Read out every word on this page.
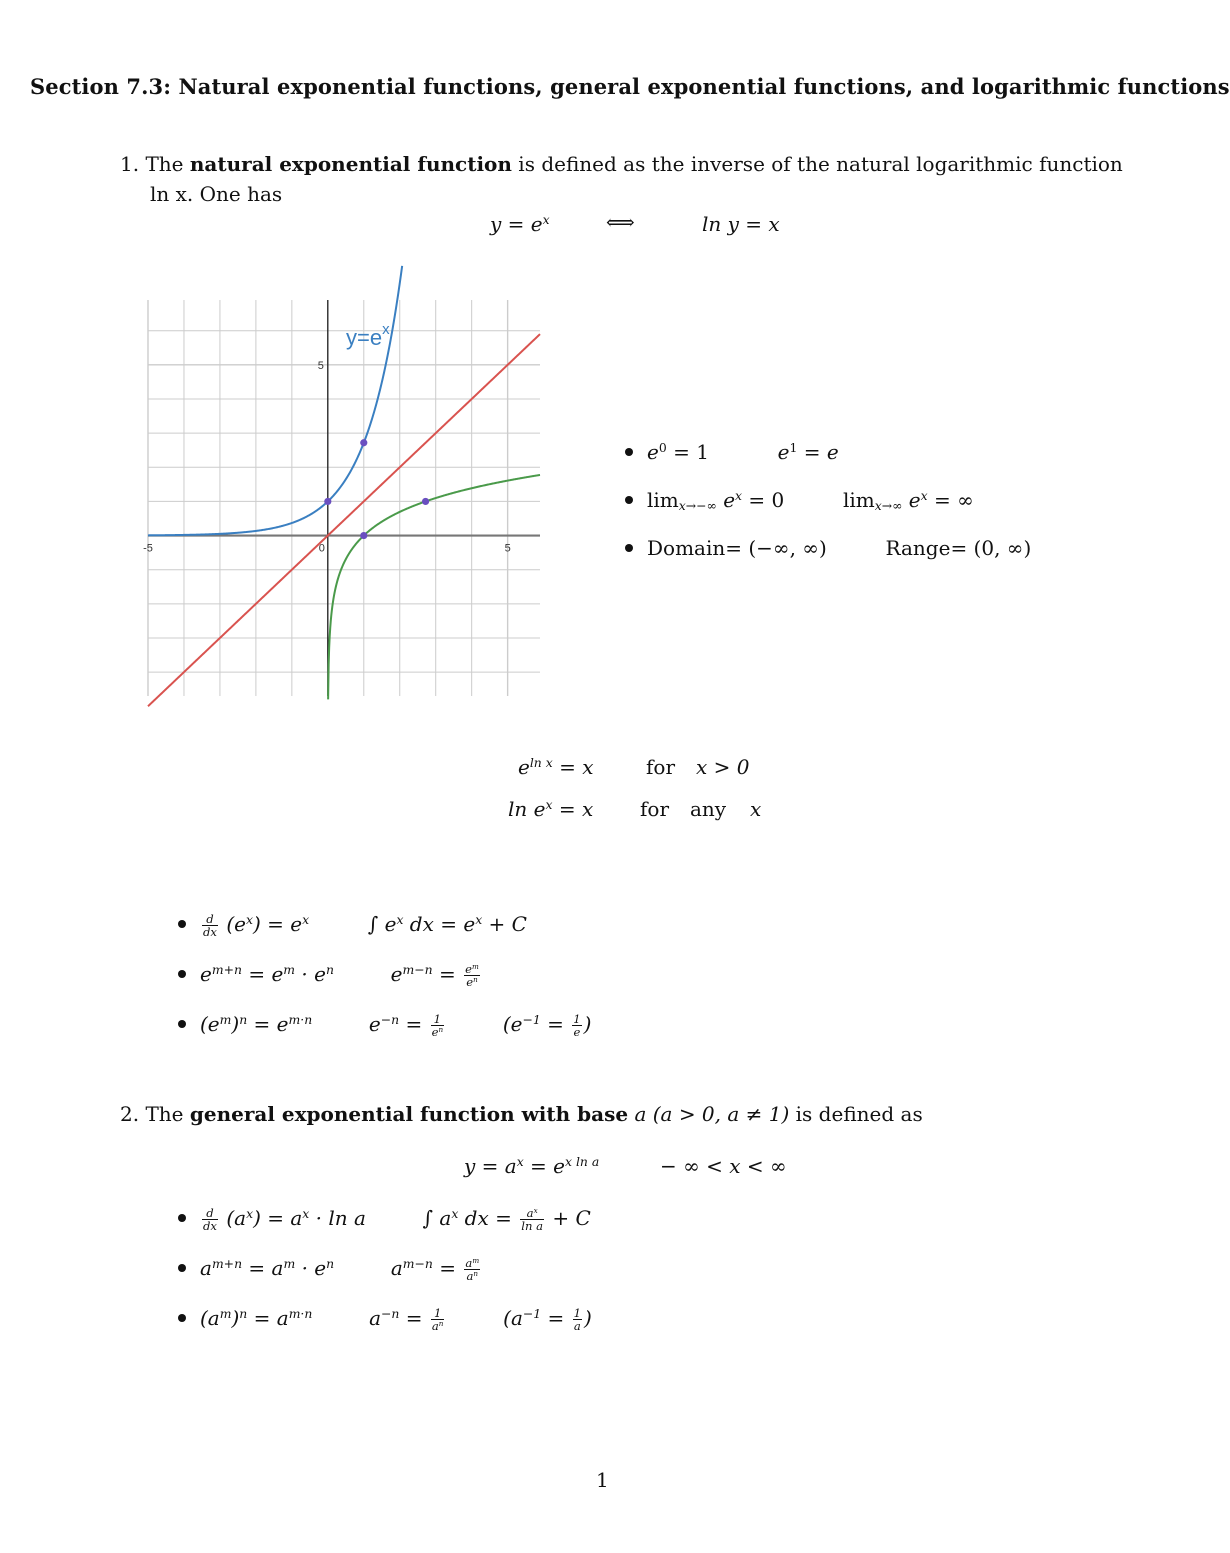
Section 7.3: Natural exponential functions, general exponential functions, and logarithmic functions
1. The natural exponential function is defined as the inverse of the natural logarithmic function
ln x. One has
$y = e^x$	⟺	ln y = x
-5	0	5
5
$y=e^x$
$e^0 = 1$	$e^1 = e$
$\lim_{x\to-\infty} e^x = 0$	$\lim_{x\to\infty} e^x$ = ∞
Domain= (−∞, ∞)	Range= (0, ∞)
$e^{ln x} = x$	for x > 0
$\ln e^x = x$ for any x
$\frac{d}{dx} (e^x) = e^x$	∫ $e^x$ dx = $e^x + C$
$e^{m+n} = e^m \cdot e^n$	$e^{m-n} = \frac{e^m}{e^n}$
$(e^m)^n = e^{m\cdot n}$	$e^{-n} = \frac{1}{e^n}$	($e^{-1} = \frac{1}{e}$ )
2. The general exponential function with base a (a > 0, a ≠ 1) is defined as
$y = a^x = e^{x ln a}$	− ∞ < x < ∞
$\frac{d}{dx} (a^x) = a^x \cdot \ln a$	∫ $a^x$ dx = $\frac{a^x}{\text{ln a}} + C$
$a^{m+n} = a^m \cdot e^n$	$a^{m-n} = \frac{a^m}{a^n}$
$(a^m)^n = a^{m\cdot n}$	$a^{-n} = \frac{1}{a^n}$	($a^{-1} = \frac{1}{a}$ )
1
